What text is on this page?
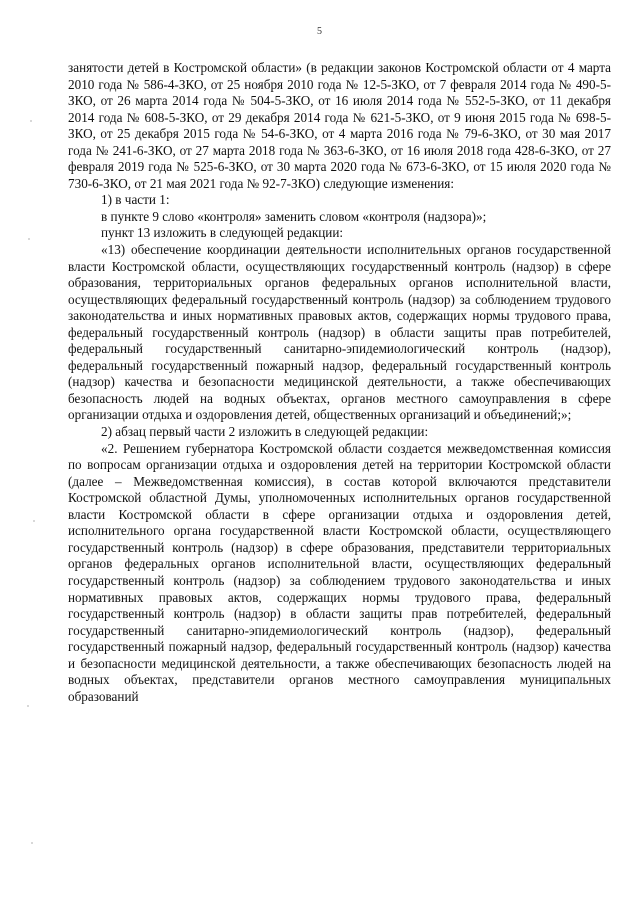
5

занятости детей в Костромской области» (в редакции законов Костромской области от 4 марта 2010 года № 586-4-ЗКО, от 25 ноября 2010 года № 12-5-ЗКО, от 7 февраля 2014 года № 490-5-ЗКО, от 26 марта 2014 года № 504-5-ЗКО, от 16 июля 2014 года № 552-5-ЗКО, от 11 декабря 2014 года № 608-5-ЗКО, от 29 декабря 2014 года № 621-5-ЗКО, от 9 июня 2015 года № 698-5-ЗКО, от 25 декабря 2015 года № 54-6-ЗКО, от 4 марта 2016 года № 79-6-ЗКО, от 30 мая 2017 года № 241-6-ЗКО, от 27 марта 2018 года № 363-6-ЗКО, от 16 июля 2018 года 428-6-ЗКО, от 27 февраля 2019 года № 525-6-ЗКО, от 30 марта 2020 года № 673-6-ЗКО, от 15 июля 2020 года № 730-6-ЗКО, от 21 мая 2021 года № 92-7-ЗКО) следующие изменения:

1) в части 1:

в пункте 9 слово «контроля» заменить словом «контроля (надзора)»;

пункт 13 изложить в следующей редакции:

«13) обеспечение координации деятельности исполнительных органов государственной власти Костромской области, осуществляющих государственный контроль (надзор) в сфере образования, территориальных органов федеральных органов исполнительной власти, осуществляющих федеральный государственный контроль (надзор) за соблюдением трудового законодательства и иных нормативных правовых актов, содержащих нормы трудового права, федеральный государственный контроль (надзор) в области защиты прав потребителей, федеральный государственный санитарно-эпидемиологический контроль (надзор), федеральный государственный пожарный надзор, федеральный государственный контроль (надзор) качества и безопасности медицинской деятельности, а также обеспечивающих безопасность людей на водных объектах, органов местного самоуправления в сфере организации отдыха и оздоровления детей, общественных организаций и объединений;»;

2) абзац первый части 2 изложить в следующей редакции:

«2. Решением губернатора Костромской области создается межведомственная комиссия по вопросам организации отдыха и оздоровления детей на территории Костромской области (далее – Межведомственная комиссия), в состав которой включаются представители Костромской областной Думы, уполномоченных исполнительных органов государственной власти Костромской области в сфере организации отдыха и оздоровления детей, исполнительного органа государственной власти Костромской области, осуществляющего государственный контроль (надзор) в сфере образования, представители территориальных органов федеральных органов исполнительной власти, осуществляющих федеральный государственный контроль (надзор) за соблюдением трудового законодательства и иных нормативных правовых актов, содержащих нормы трудового права, федеральный государственный контроль (надзор) в области защиты прав потребителей, федеральный государственный санитарно-эпидемиологический контроль (надзор), федеральный государственный пожарный надзор, федеральный государственный контроль (надзор) качества и безопасности медицинской деятельности, а также обеспечивающих безопасность людей на водных объектах, представители органов местного самоуправления муниципальных образований
